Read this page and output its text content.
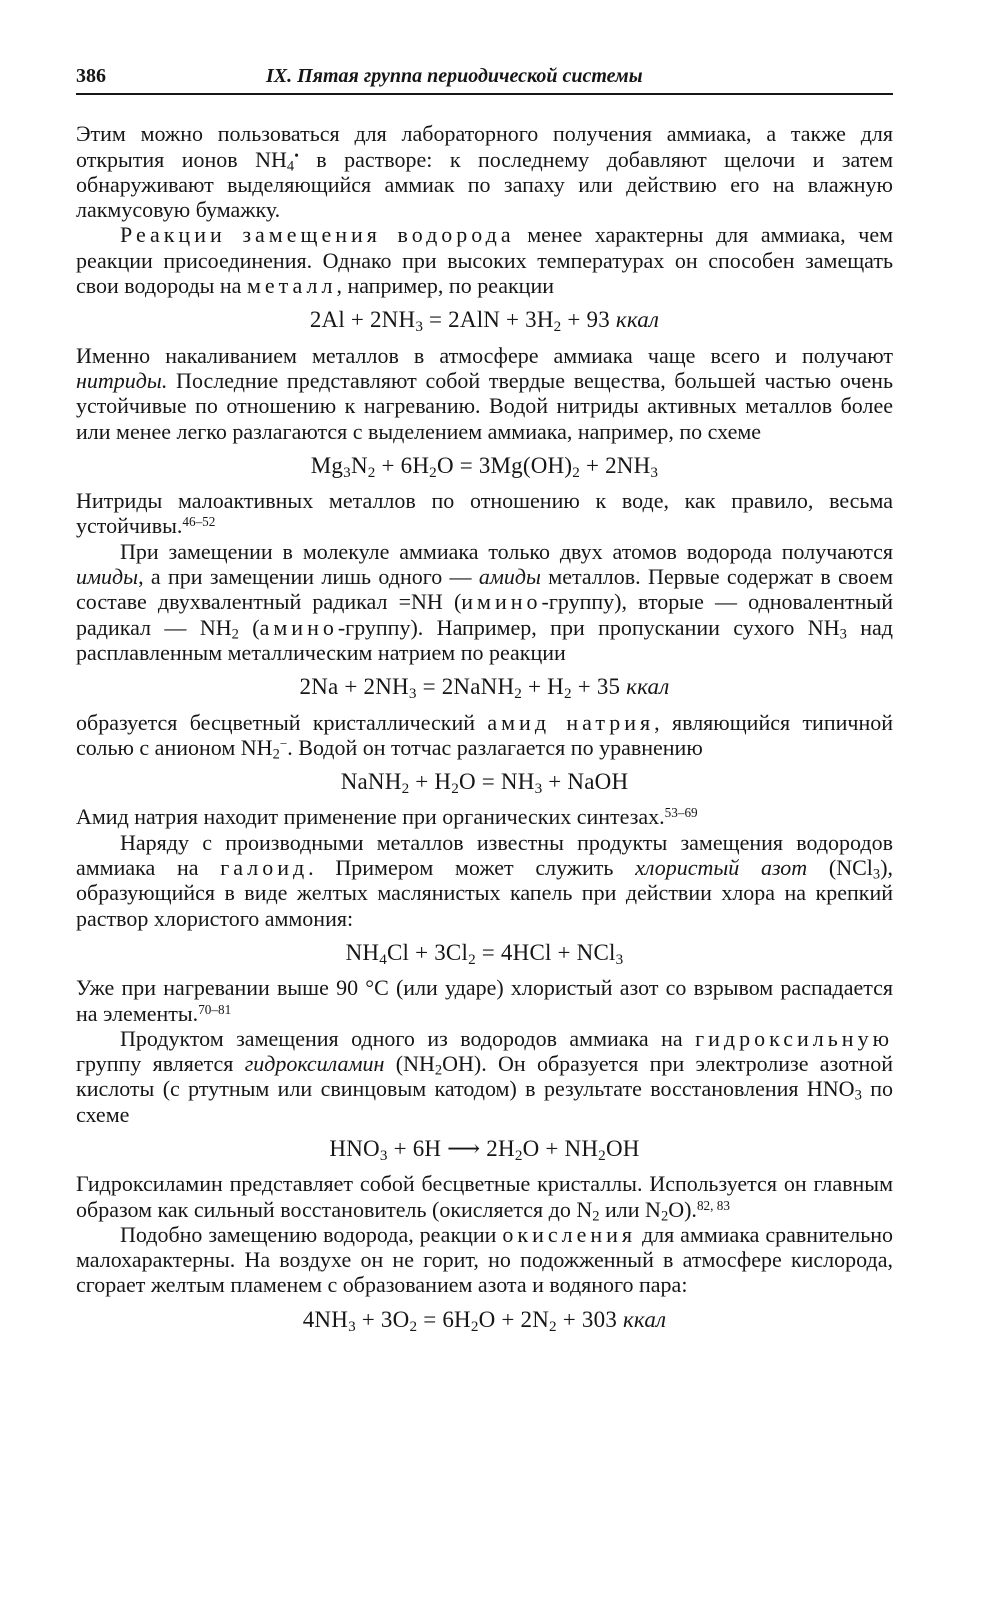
386	IX. Пятая группа периодической системы

Этим можно пользоваться для лабораторного получения аммиака, а также для открытия ионов $NH_4^•$ в растворе: к последнему добавляют щелочи и затем обнаруживают выделяющийся аммиак по запаху или действию его на влажную лакмусовую бумажку.

Реакции замещения водорода менее характерны для аммиака, чем реакции присоединения. Однако при высоких температурах он способен замещать свои водороды на металл, например, по реакции

$2Al + 2NH_3 = 2AlN + 3H_2 + 93$ ккал

Именно накаливанием металлов в атмосфере аммиака чаще всего и получают нитриды. Последние представляют собой твердые вещества, большей частью очень устойчивые по отношению к нагреванию. Водой нитриды активных металлов более или менее легко разлагаются с выделением аммиака, например, по схеме

$Mg_3N_2 + 6H_2O = 3Mg(OH)_2 + 2NH_3$

Нитриды малоактивных металлов по отношению к воде, как правило, весьма устойчивы.$^{46-52}$

При замещении в молекуле аммиака только двух атомов водорода получаются имиды, а при замещении лишь одного — амиды металлов. Первые содержат в своем составе двухвалентный радикал =NH (имино-группу), вторые — одновалентный радикал — $NH_2$ (амино-группу). Например, при пропускании сухого $NH_3$ над расплавленным металлическим натрием по реакции

$2Na + 2NH_3$ = 2NaNH$_2$ + $H_2 + 35$ ккал

образуется бесцветный кристаллический амид натрия, являющийся типичной солью с анионом $NH_2^-$. Водой он тотчас разлагается по уравнению

NaNH$_2$ + $H_2O = NH_3$ + NaOH

Амид натрия находит применение при органических синтезах.$^{53-69}$

Наряду с производными металлов известны продукты замещения водородов аммиака на галоид. Примером может служить хлористый азот (NCl$_3$), образующийся в виде желтых маслянистых капель при действии хлора на крепкий раствор хлористого аммония:

$NH_4Cl + 3Cl_2 = 4HCl + NCl_3$

Уже при нагревании выше 90 °C (или ударе) хлористый азот со взрывом распадается на элементы.$^{70-81}$

Продуктом замещения одного из водородов аммиака на гидроксильную группу является гидроксиламин $(NH_2OH)$. Он образуется при электролизе азотной кислоты (с ртутным или свинцовым катодом) в результате восстановления $HNO_3$ по схеме

$HNO_3 + 6H$ ⟶ $2H_2O + NH_2OH$

Гидроксиламин представляет собой бесцветные кристаллы. Используется он главным образом как сильный восстановитель (окисляется до $N_2$ или $N_2O).^{82, 83}$

Подобно замещению водорода, реакции окисления для аммиака сравнительно малохарактерны. На воздухе он не горит, но подожженный в атмосфере кислорода, сгорает желтым пламенем с образованием азота и водяного пара:

$4NH_3 + 3O_2 = 6H_2O + 2N_2 + 303$ ккал
